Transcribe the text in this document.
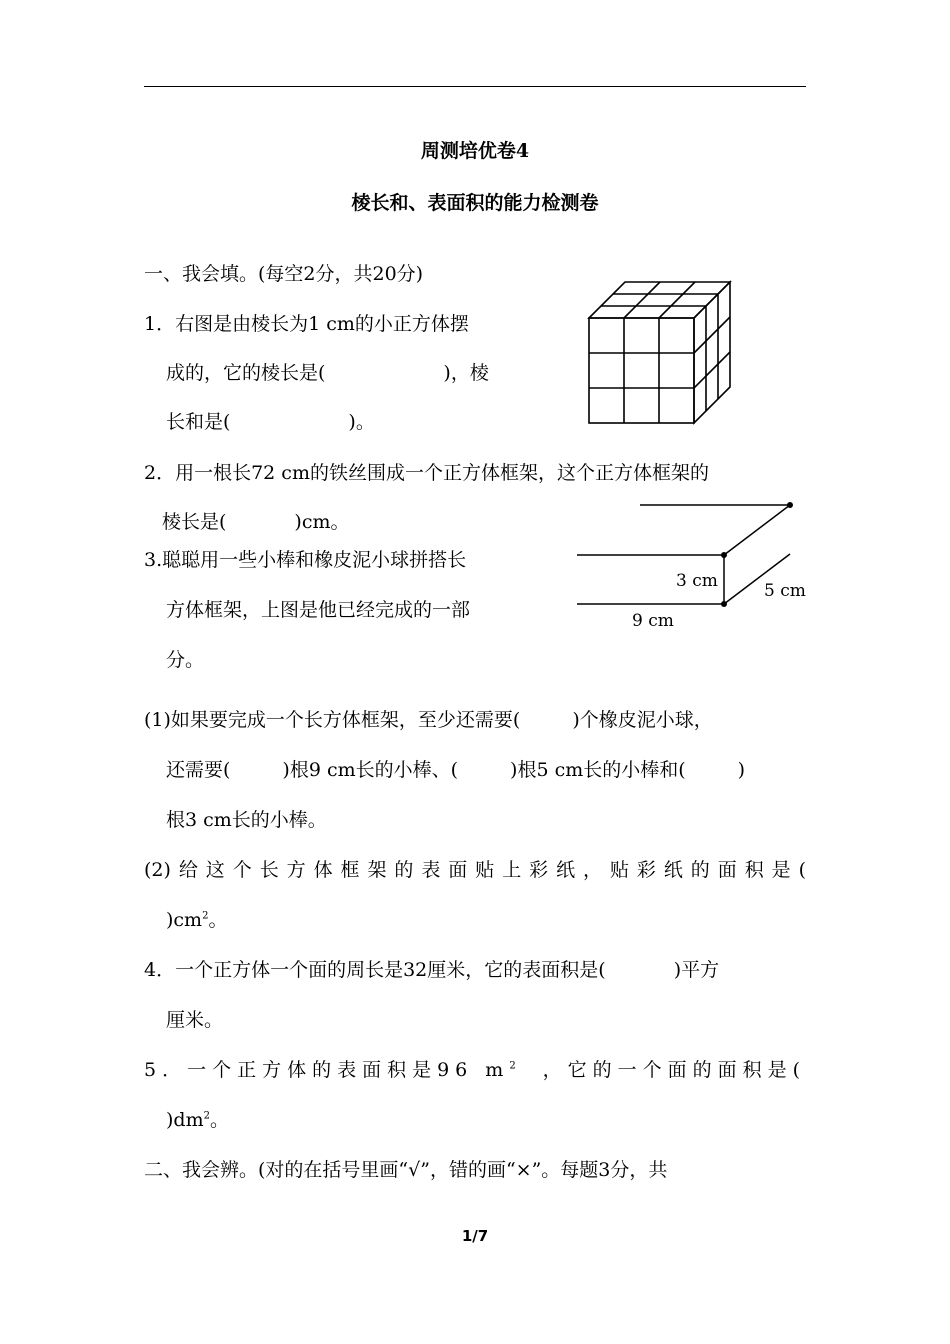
周测培优卷4
棱长和、表面积的能力检测卷
一、我会填。(每空2分，共20分)
1．右图是由棱长为1 cm的小正方体摆
成的，它的棱长是(	)，棱
长和是(	)。
2．用一根长72 cm的铁丝围成一个正方体框架，这个正方体框架的
棱长是(	)cm。
3.聪聪用一些小棒和橡皮泥小球拼搭长
方体框架，上图是他已经完成的一部
分。
3 cm	5 cm
9 cm
(1)如果要完成一个长方体框架，至少还需要(	)个橡皮泥小球，
还需要(	)根9 cm长的小棒、(	)根5 cm长的小棒和(	)
根3 cm长的小棒。
(2)给这个长方体框架的表面贴上彩纸，贴彩纸的面积是(
)$cm^2$。
4．一个正方体一个面的周长是32厘米，它的表面积是(	)平方
厘米。
5．一个正方体的表面积是96 $m^2$ ，它的一个面的面积是(
)$dm^2$。
二、我会辨。(对的在括号里画“√”，错的画“×”。每题3分，共
1/7
